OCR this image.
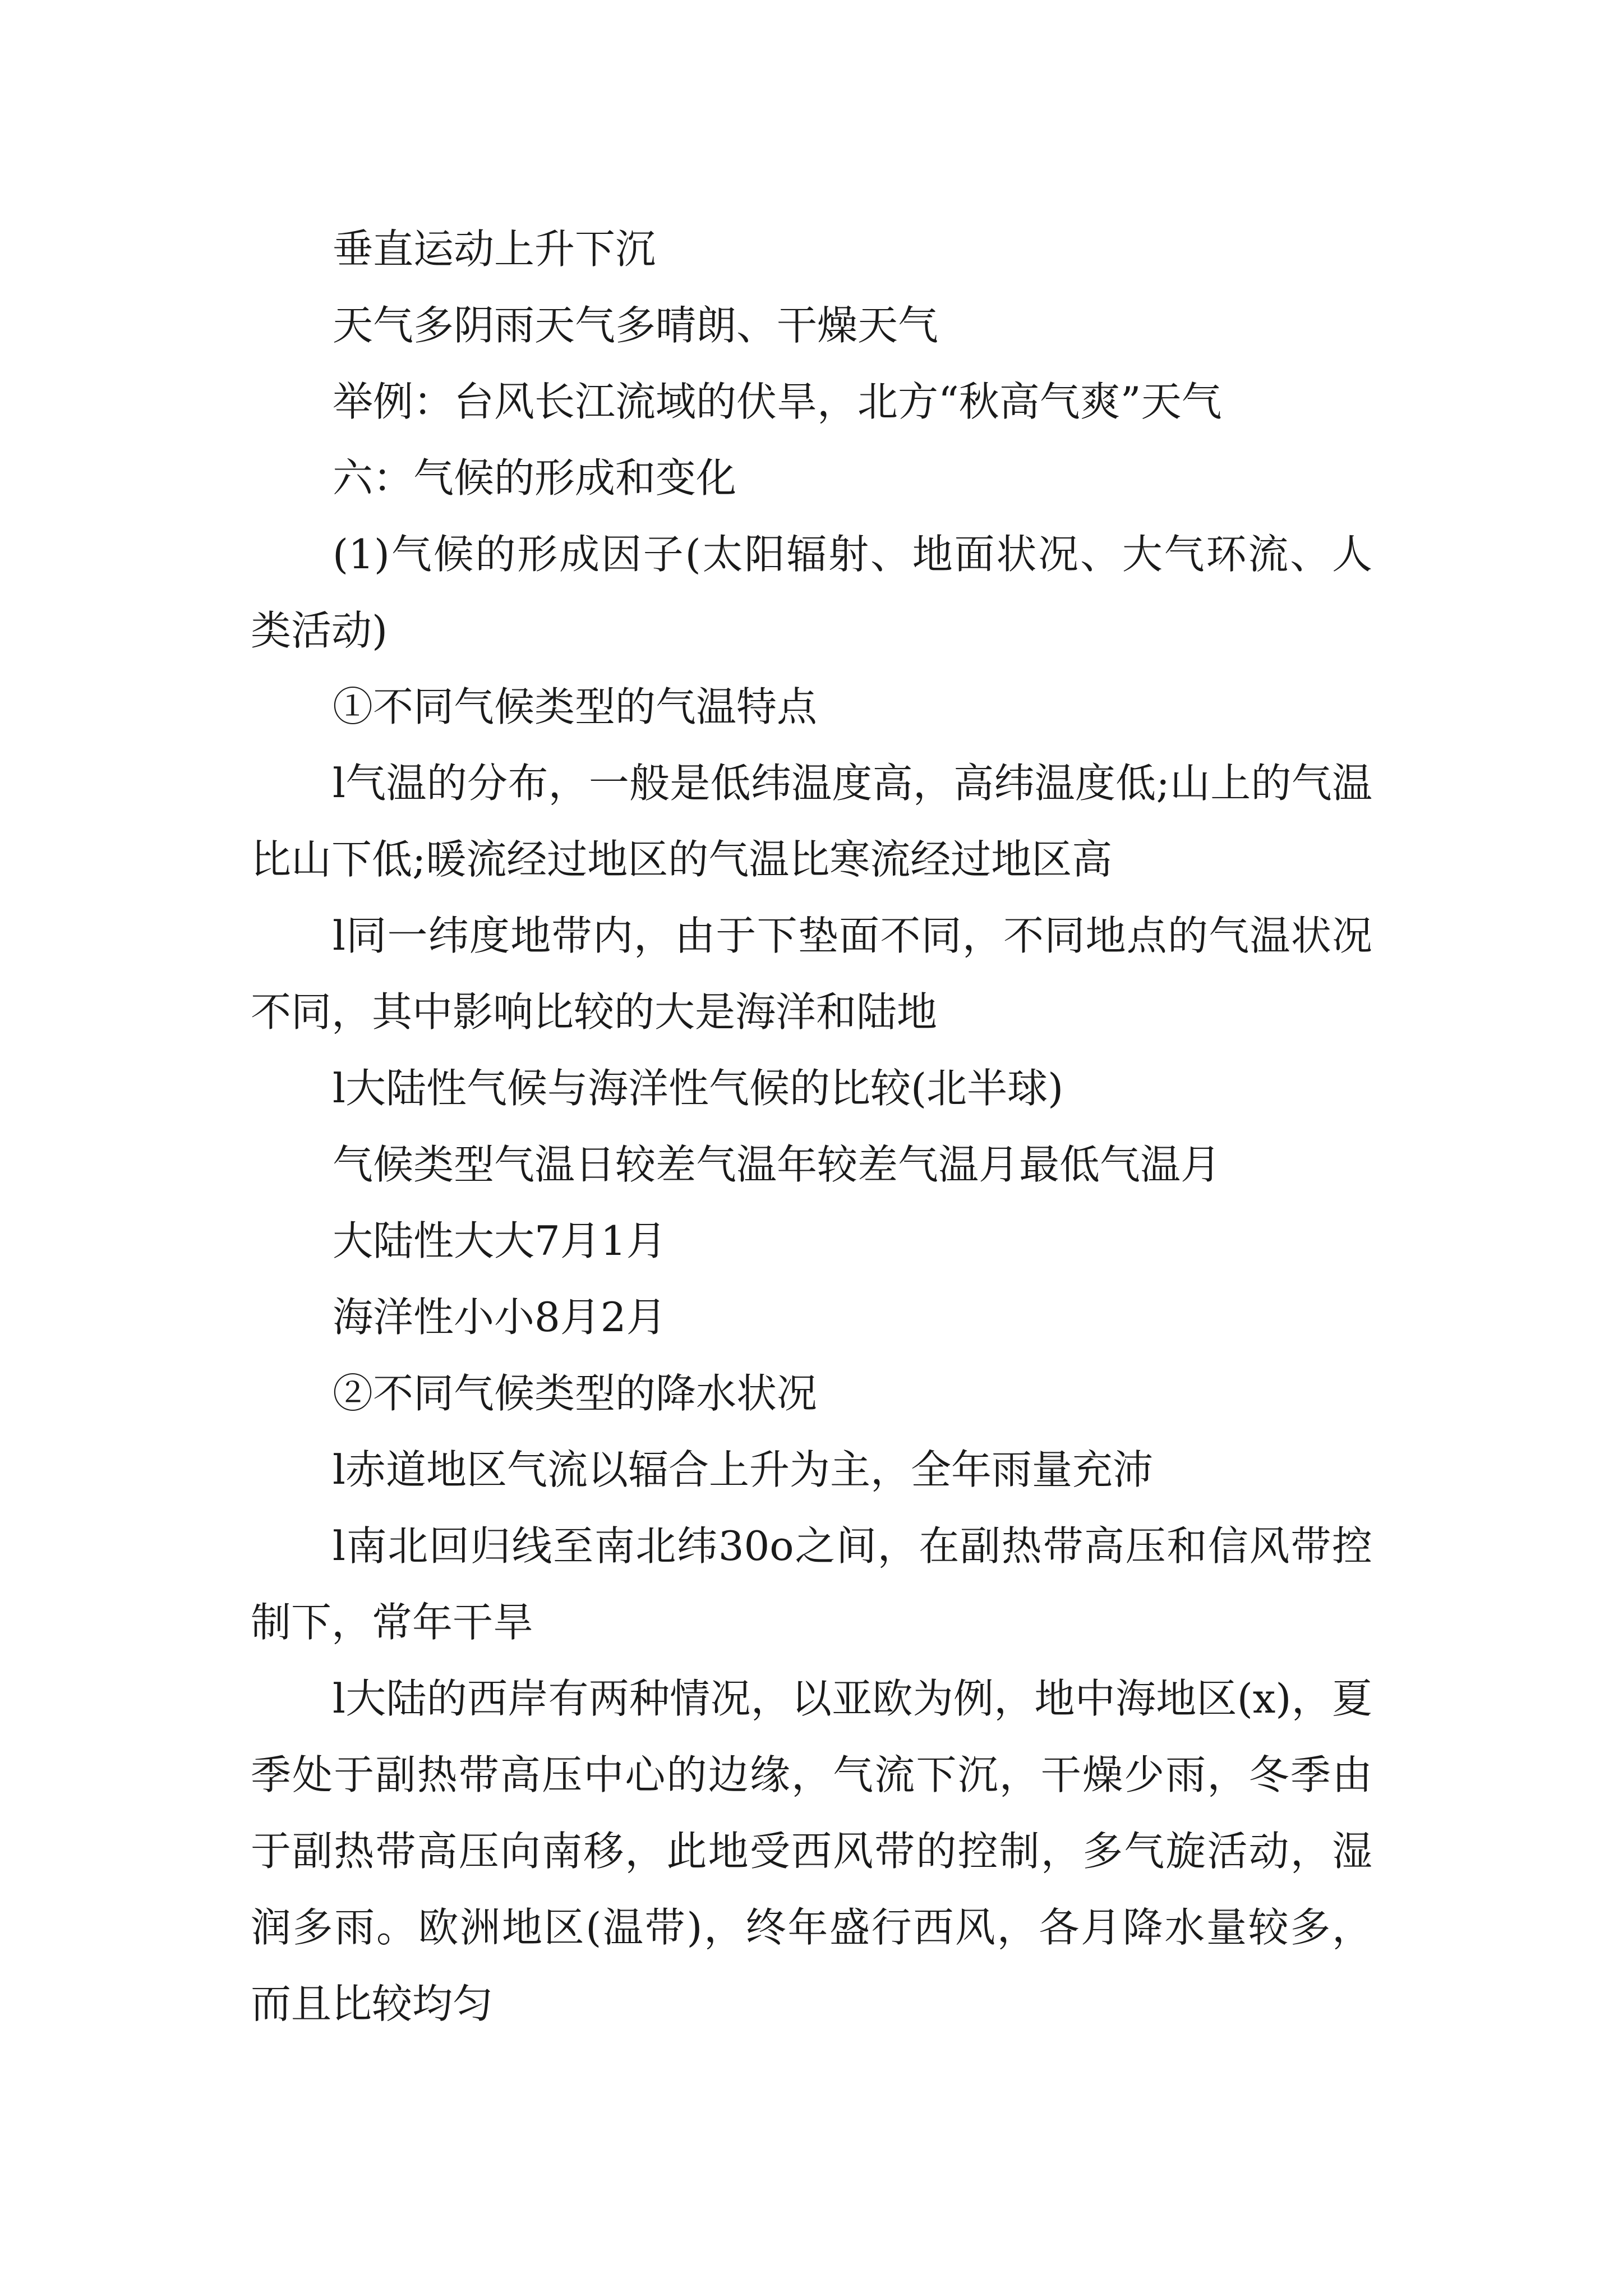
垂直运动上升下沉

天气多阴雨天气多晴朗、干燥天气

举例：台风长江流域的伏旱，北方“秋高气爽”天气

六：气候的形成和变化

(1)气候的形成因子(太阳辐射、地面状况、大气环流、人类活动)

①不同气候类型的气温特点

l气温的分布，一般是低纬温度高，高纬温度低;山上的气温比山下低;暖流经过地区的气温比寒流经过地区高

l同一纬度地带内，由于下垫面不同，不同地点的气温状况不同，其中影响比较的大是海洋和陆地

l大陆性气候与海洋性气候的比较(北半球)

气候类型气温日较差气温年较差气温月最低气温月

大陆性大大7月1月

海洋性小小8月2月

②不同气候类型的降水状况

l赤道地区气流以辐合上升为主，全年雨量充沛

l南北回归线至南北纬30o之间，在副热带高压和信风带控制下，常年干旱

l大陆的西岸有两种情况，以亚欧为例，地中海地区(x)，夏季处于副热带高压中心的边缘，气流下沉，干燥少雨，冬季由于副热带高压向南移，此地受西风带的控制，多气旋活动，湿润多雨。欧洲地区(温带)，终年盛行西风，各月降水量较多，而且比较均匀
